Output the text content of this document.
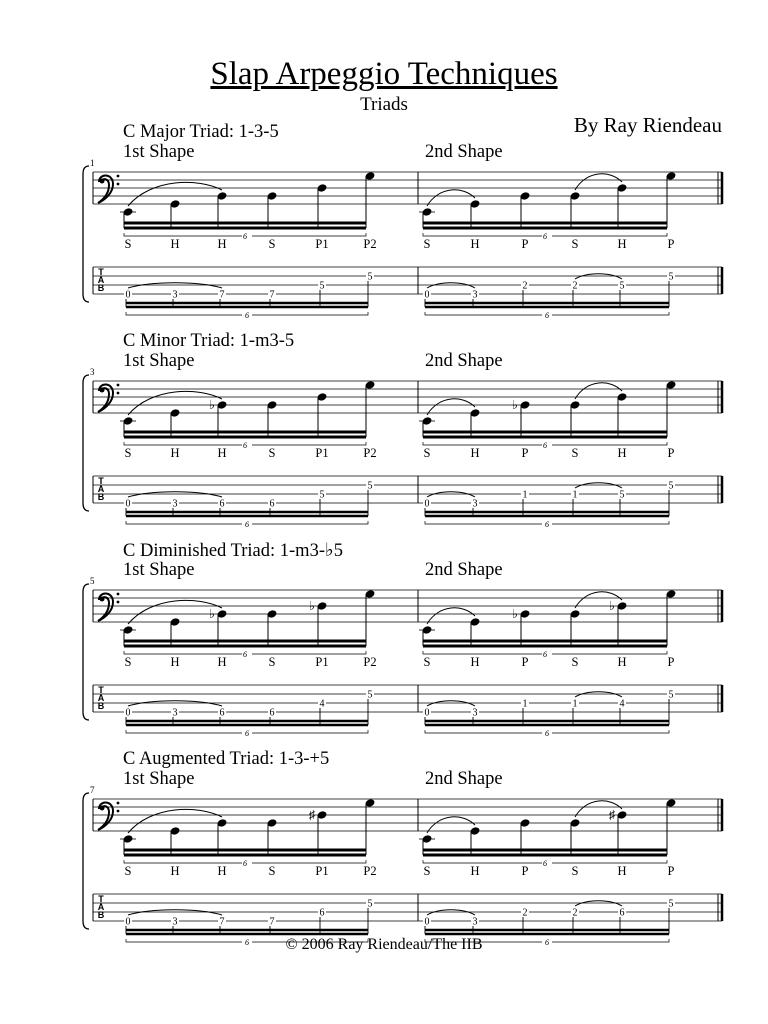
Slap Arpeggio Techniques
Triads
By Ray Riendeau
C Major Triad: 1-3-5
1
1st Shape	2nd Shape
C Minor Triad: 1-m3-5
3
1st Shape	2nd Shape
C Diminished Triad: 1-m3-♭5
5
1st Shape	2nd Shape
C Augmented Triad: 1-3-+5
7
1st Shape	2nd Shape
T
A
B
6
S	H	H	S	P1	P2
0	3	7	7
5
5
6
6
S	H	P	S	H	P
0	3
2	2	5
5
6
T
A
B
♭
6
S	H	H	S	P1	P2
0	3	6	6
5
5
6
♭
6
S	H	P	S	H	P
0	3
1	1	5
5
6
T
A
B
♭
♭
6
S	H	H	S	P1	P2
0	3	6	6
4
5
6
♭
♭
6
S	H	P	S	H	P
0	3
1	1	4
5
6
T
A
B
♯
6
S	H	H	S	P1	P2
0	3	7	7
6
5
6
♯
6
S	H	P	S	H	P
0	3
2	2	6
5
6
© 2006 Ray Riendeau/The IIB
